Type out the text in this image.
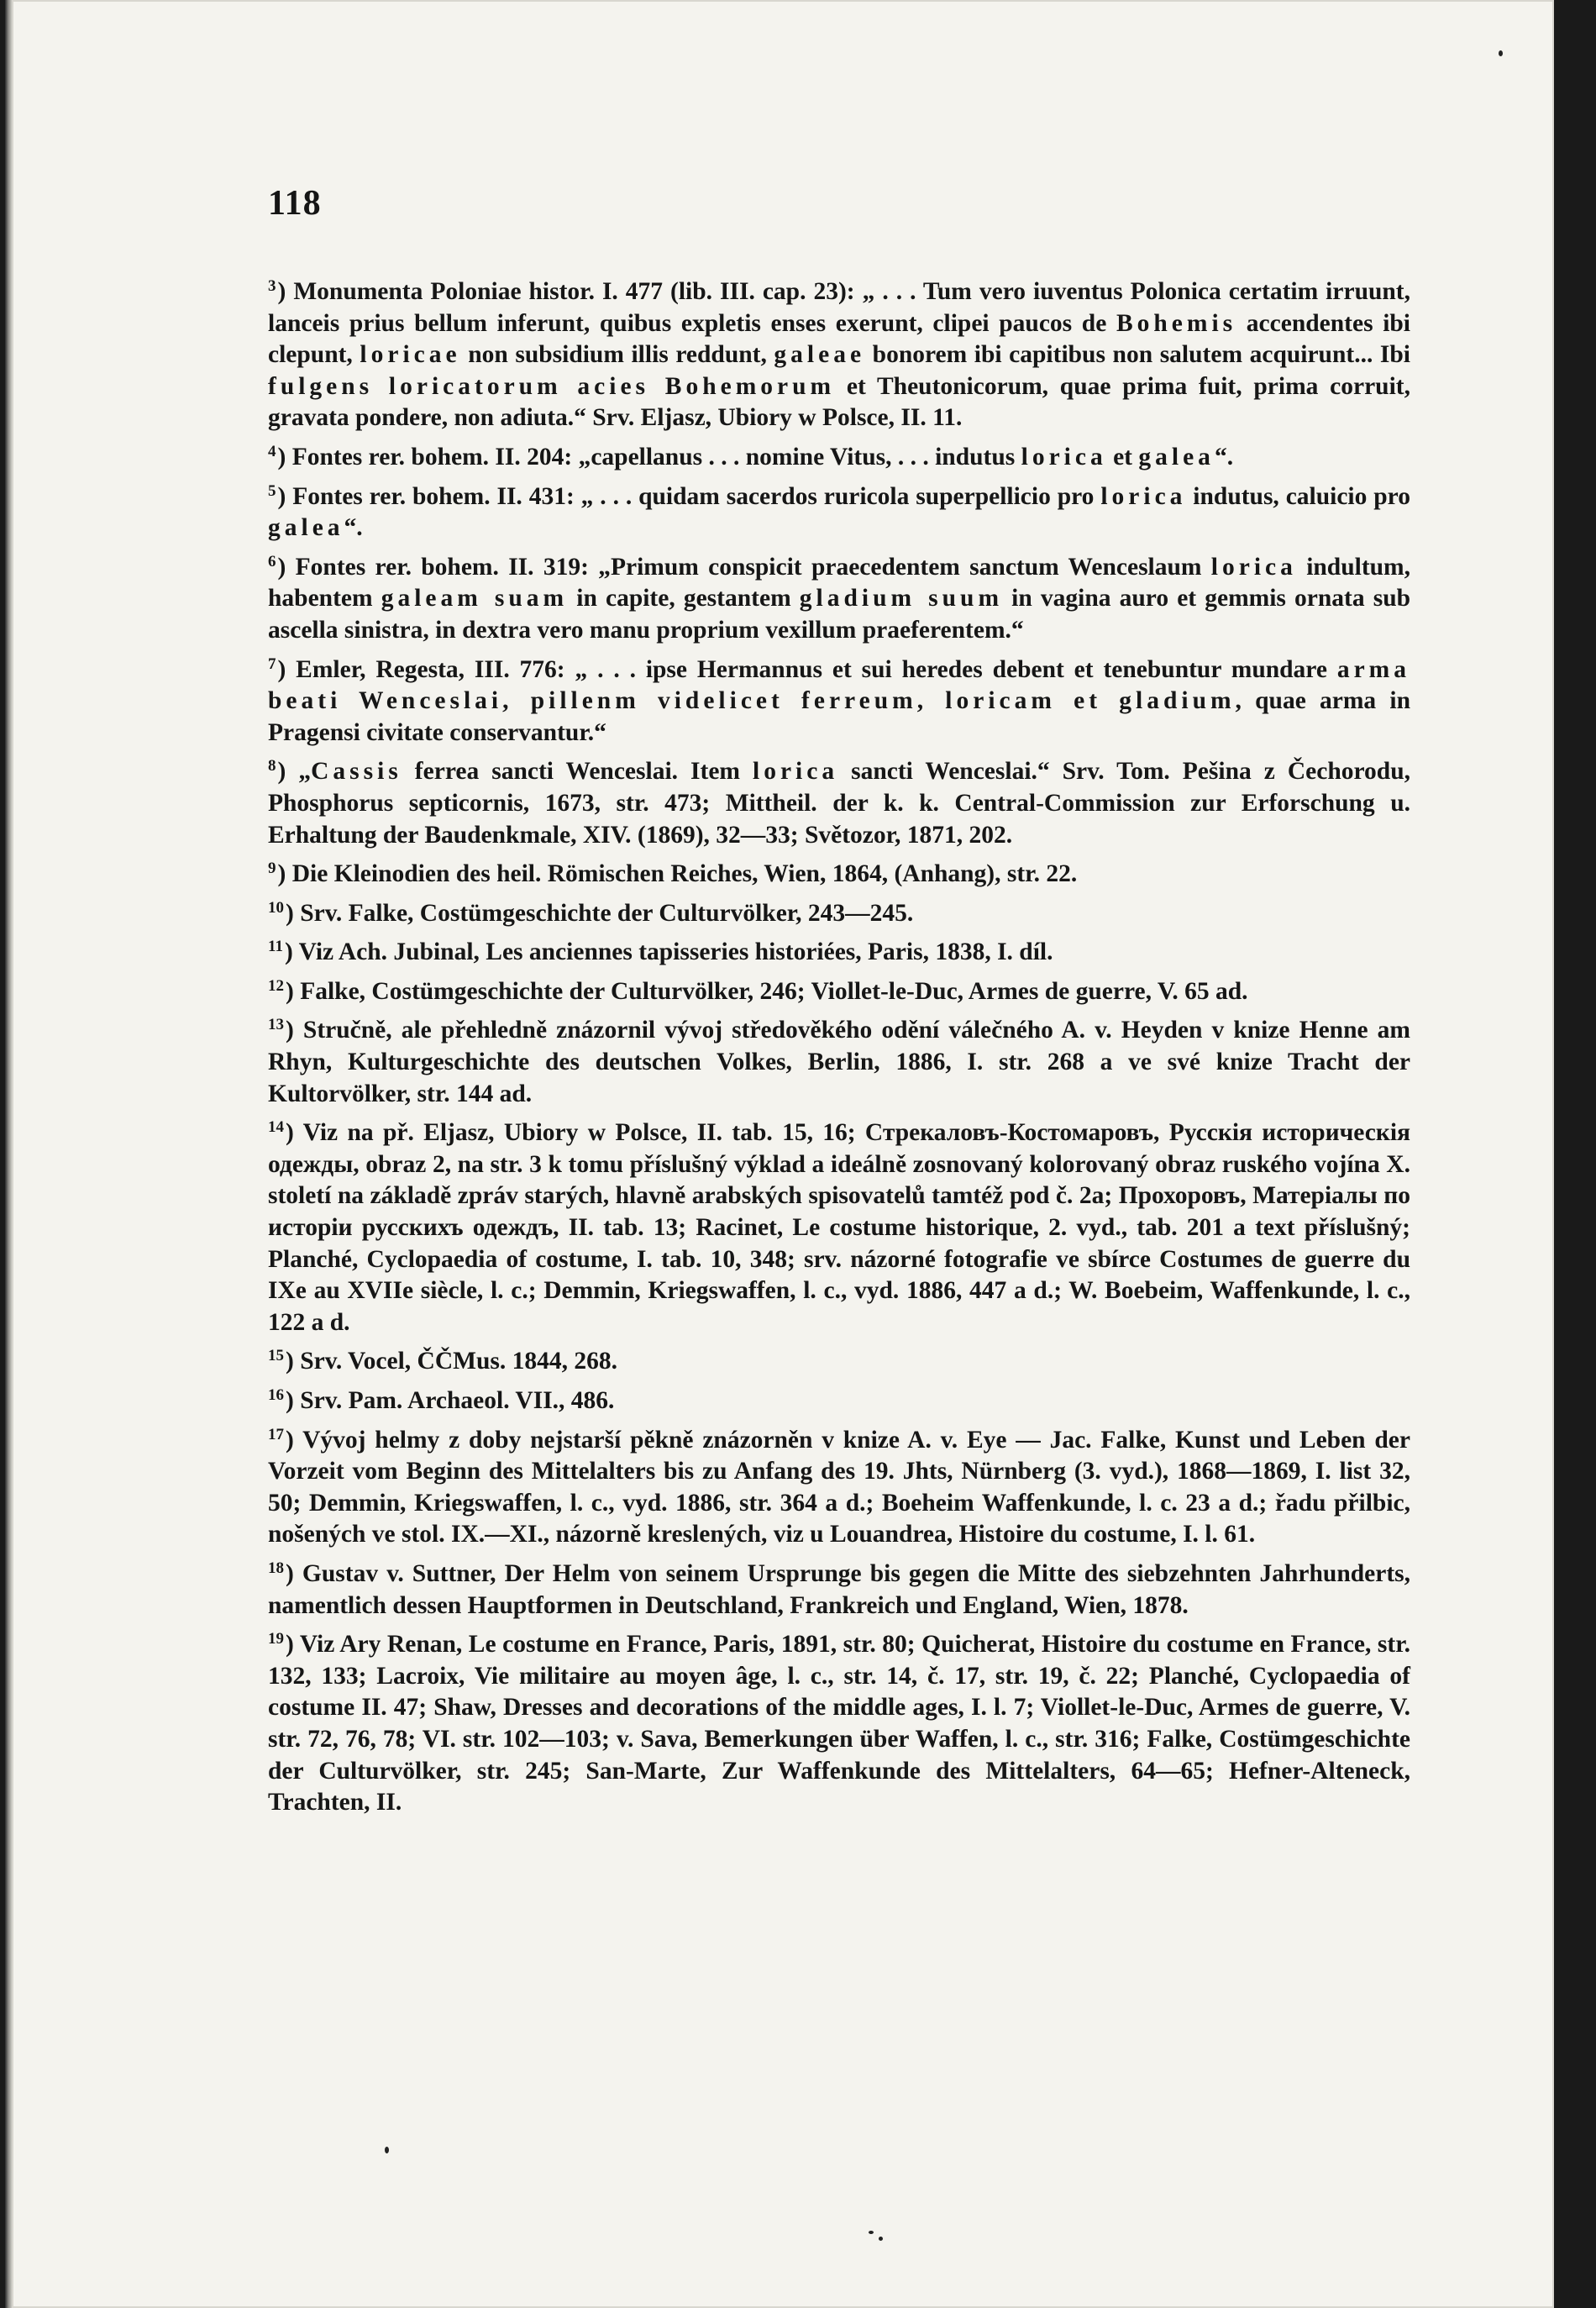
118

$^3$) Monumenta Poloniae histor. I. 477 (lib. III. cap. 23): „ . . . Tum vero iuventus Polonica certatim irruunt, lanceis prius bellum inferunt, quibus expletis enses exerunt, clipei paucos de Bohemis accendentes ibi clepunt, loricae non subsidium illis reddunt, galeae bonorem ibi capitibus non salutem acquirunt... Ibi fulgens loricatorum acies Bohemorum et Theutonicorum, quae prima fuit, prima corruit, gravata pondere, non adiuta.“ Srv. Eljasz, Ubiory w Polsce, II. 11.

$^4$) Fontes rer. bohem. II. 204: „capellanus . . . nomine Vitus, . . . indutus lorica et galea“.

$^5$) Fontes rer. bohem. II. 431: „ . . . quidam sacerdos ruricola superpellicio pro lorica indutus, caluicio pro galea“.

$^6$) Fontes rer. bohem. II. 319: „Primum conspicit praecedentem sanctum Wenceslaum lorica indultum, habentem galeam suam in capite, gestantem gladium suum in vagina auro et gemmis ornata sub ascella sinistra, in dextra vero manu proprium vexillum praeferentem.“

$^7$) Emler, Regesta, III. 776: „ . . . ipse Hermannus et sui heredes debent et tenebuntur mundare arma beati Wenceslai, pillenm videlicet ferreum, loricam et gladium, quae arma in Pragensi civitate conservantur.“

$^8$) „Cassis ferrea sancti Wenceslai. Item lorica sancti Wenceslai.“ Srv. Tom. Pešina z Čechorodu, Phosphorus septicornis, 1673, str. 473; Mittheil. der k. k. Central-Commission zur Erforschung u. Erhaltung der Baudenkmale, XIV. (1869), 32—33; Světozor, 1871, 202.

$^9$) Die Kleinodien des heil. Römischen Reiches, Wien, 1864, (Anhang), str. 22.

$^{10}$) Srv. Falke, Costümgeschichte der Culturvölker, 243—245.

$^{11}$) Viz Ach. Jubinal, Les anciennes tapisseries historiées, Paris, 1838, I. díl.

$^{12}$) Falke, Costümgeschichte der Culturvölker, 246; Viollet-le-Duc, Armes de guerre, V. 65 ad.

$^{13}$) Stručně, ale přehledně znázornil vývoj středověkého odění válečného A. v. Heyden v knize Henne am Rhyn, Kulturgeschichte des deutschen Volkes, Berlin, 1886, I. str. 268 a ve své knize Tracht der Kultorvölker, str. 144 ad.

$^{14}$) Viz na př. Eljasz, Ubiory w Polsce, II. tab. 15, 16; Стрекаловъ-Костомаровъ, Русскія историческія одежды, obraz 2, na str. 3 k tomu příslušný výklad a ideálně zosnovaný kolorovaný obraz ruského vojína X. století na základě zpráv starých, hlavně arabských spisovatelů tamtéž pod č. 2a; Прохоровъ, Матеріалы по исторіи русскихъ одеждъ, II. tab. 13; Racinet, Le costume historique, 2. vyd., tab. 201 a text příslušný; Planché, Cyclopaedia of costume, I. tab. 10, 348; srv. názorné fotografie ve sbírce Costumes de guerre du IXe au XVIIe siècle, l. c.; Demmin, Kriegswaffen, l. c., vyd. 1886, 447 a d.; W. Boebeim, Waffenkunde, l. c., 122 a d.

$^{15}$) Srv. Vocel, ČČMus. 1844, 268.

$^{16}$) Srv. Pam. Archaeol. VII., 486.

$^{17}$) Vývoj helmy z doby nejstarší pěkně znázorněn v knize A. v. Eye — Jac. Falke, Kunst und Leben der Vorzeit vom Beginn des Mittelalters bis zu Anfang des 19. Jhts, Nürnberg (3. vyd.), 1868—1869, I. list 32, 50; Demmin, Kriegswaffen, l. c., vyd. 1886, str. 364 a d.; Boeheim Waffenkunde, l. c. 23 a d.; řadu přilbic, nošených ve stol. IX.—XI., názorně kreslených, viz u Louandrea, Histoire du costume, I. l. 61.

$^{18}$) Gustav v. Suttner, Der Helm von seinem Ursprunge bis gegen die Mitte des siebzehnten Jahrhunderts, namentlich dessen Hauptformen in Deutschland, Frankreich und England, Wien, 1878.

$^{19}$) Viz Ary Renan, Le costume en France, Paris, 1891, str. 80; Quicherat, Histoire du costume en France, str. 132, 133; Lacroix, Vie militaire au moyen âge, l. c., str. 14, č. 17, str. 19, č. 22; Planché, Cyclopaedia of costume II. 47; Shaw, Dresses and decorations of the middle ages, I. l. 7; Viollet-le-Duc, Armes de guerre, V. str. 72, 76, 78; VI. str. 102—103; v. Sava, Bemerkungen über Waffen, l. c., str. 316; Falke, Costümgeschichte der Culturvölker, str. 245; San-Marte, Zur Waffenkunde des Mittelalters, 64—65; Hefner-Alteneck, Trachten, II.
